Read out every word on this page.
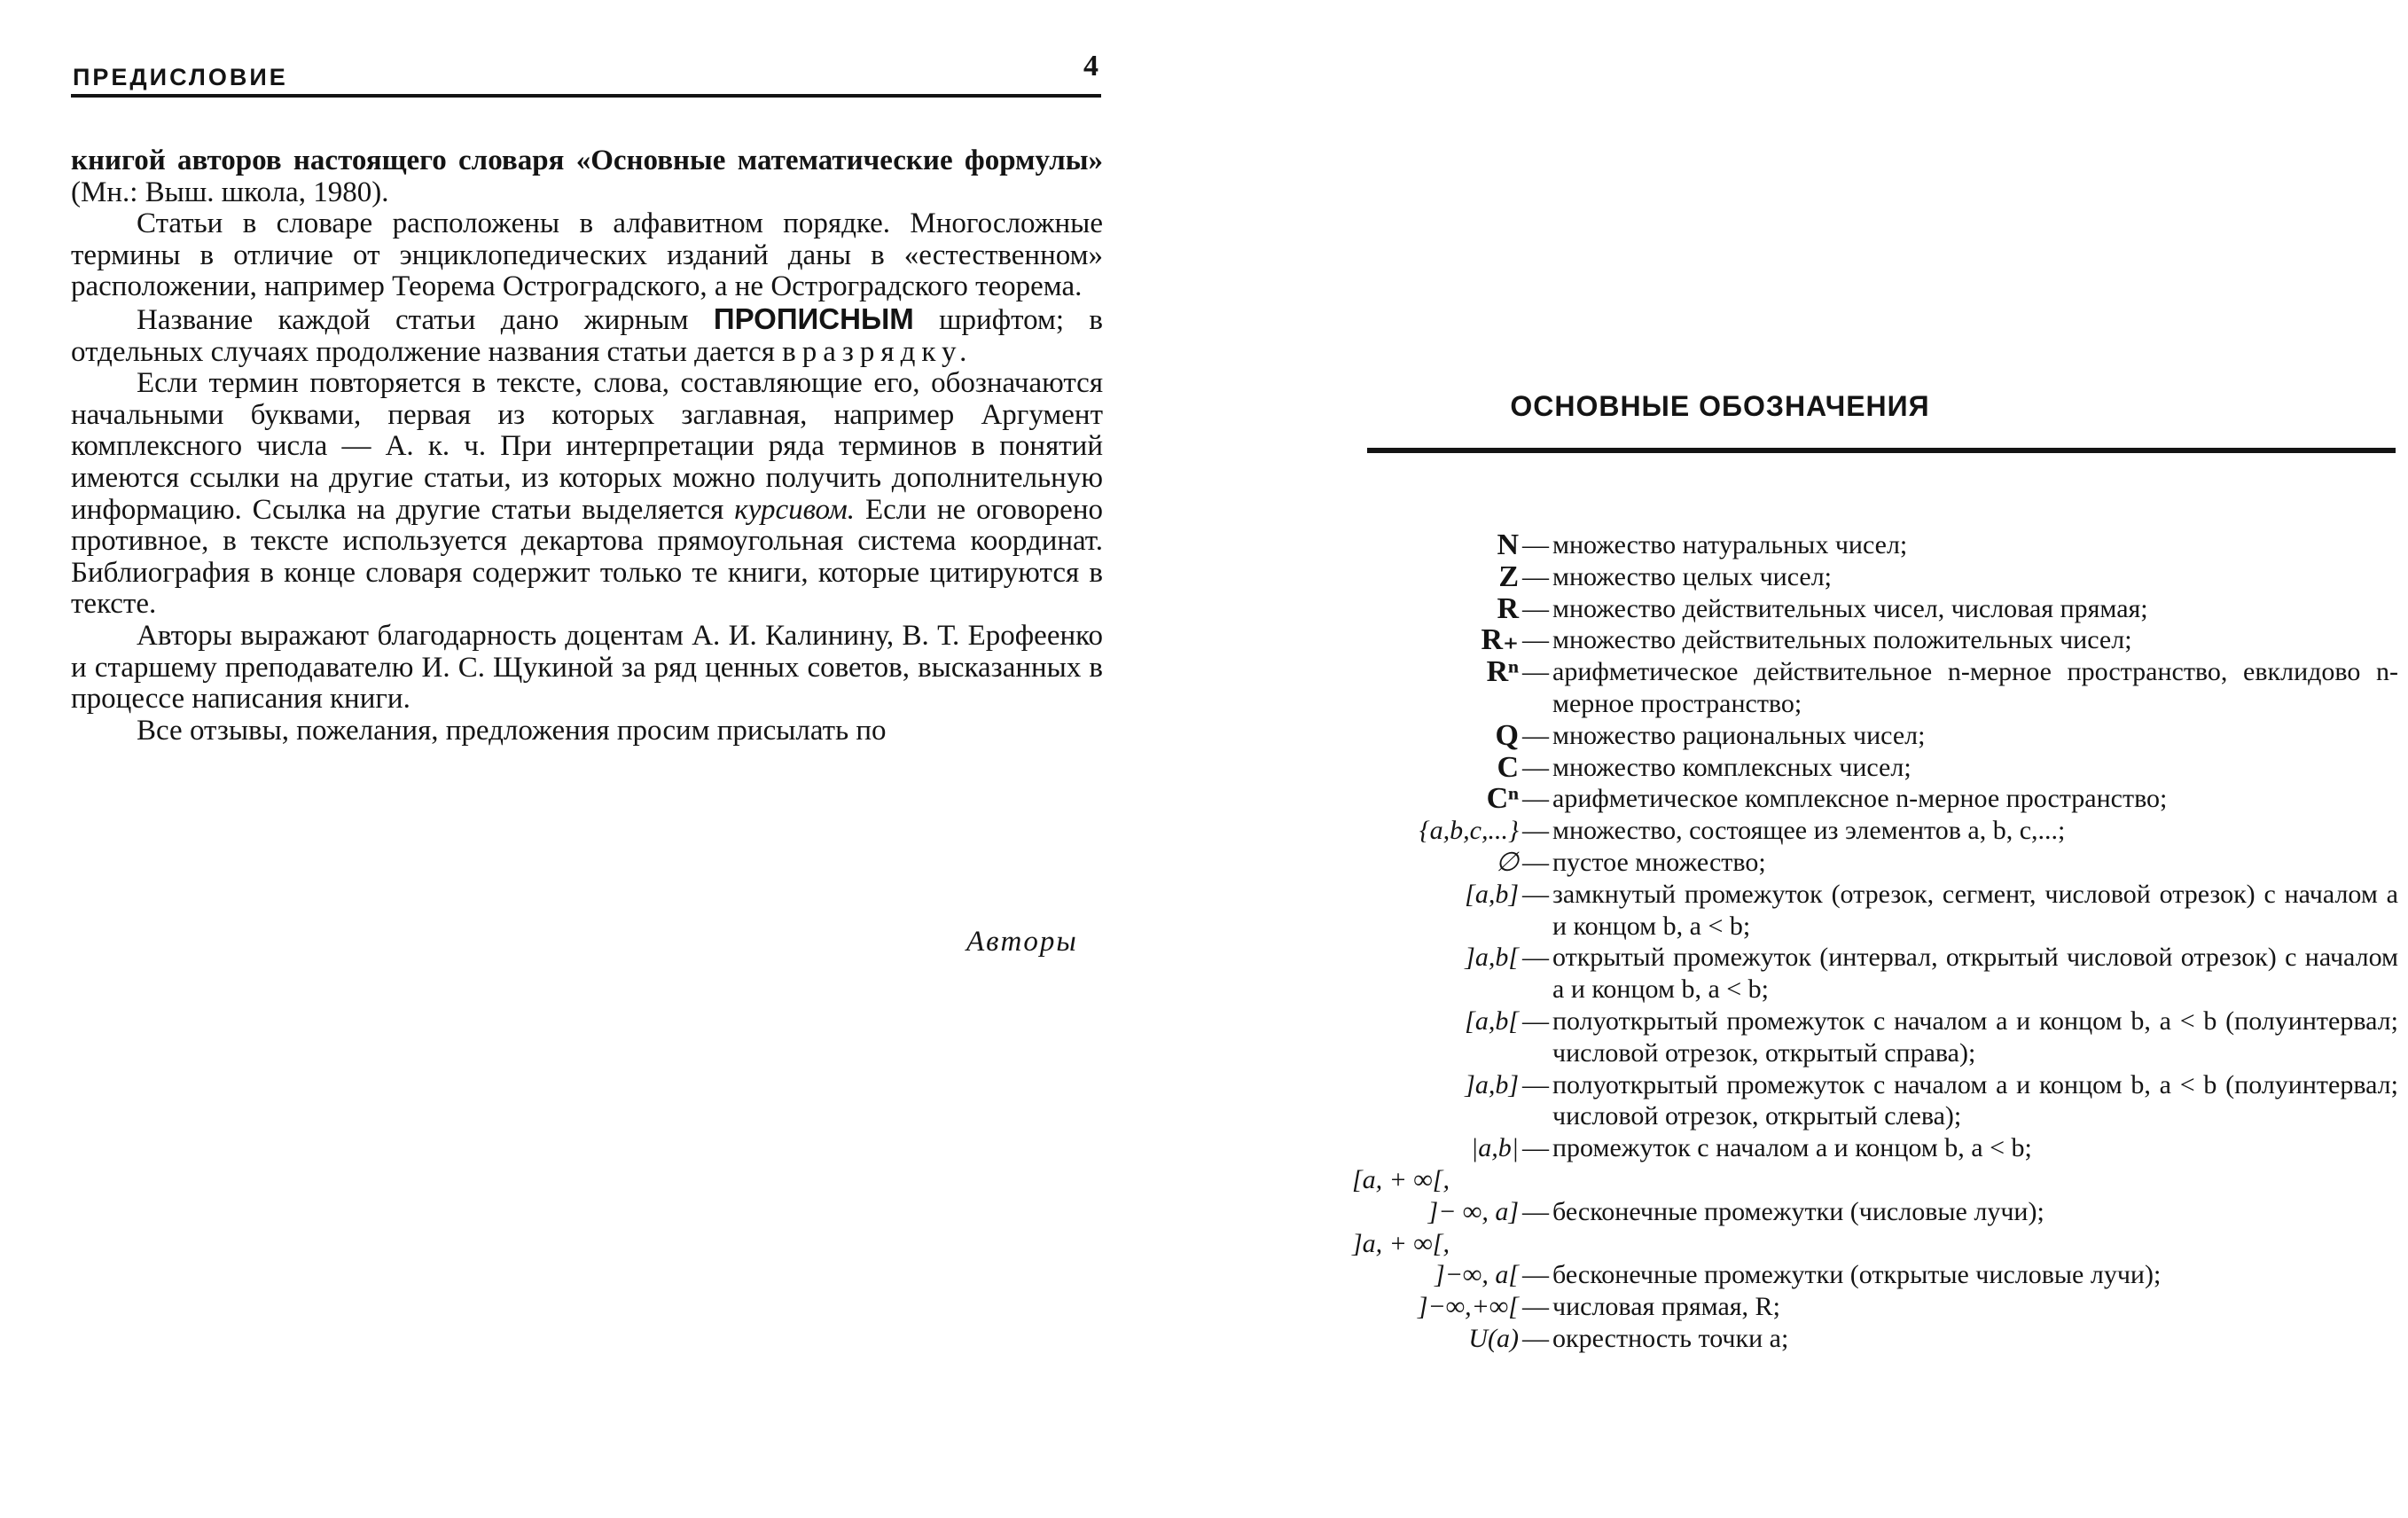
ПРЕДИСЛОВИЕ	4

книгой авторов настоящего словаря «Основные математические формулы» (Мн.: Выш. школа, 1980).

Статьи в словаре расположены в алфавитном порядке. Многосложные термины в отличие от энциклопедических изданий даны в «естественном» расположении, например Теорема Остроградского, а не Остроградского теорема.

Название каждой статьи дано жирным ПРОПИСНЫМ шрифтом; в отдельных случаях продолжение названия статьи дается вразрядку.

Если термин повторяется в тексте, слова, составляющие его, обозначаются начальными буквами, первая из которых заглавная, например Аргумент комплексного числа — А. к. ч. При интерпретации ряда терминов в понятий имеются ссылки на другие статьи, из которых можно получить дополнительную информацию. Ссылка на другие статьи выделяется курсивом. Если не оговорено противное, в тексте используется декартова прямоугольная система координат. Библиография в конце словаря содержит только те книги, которые цитируются в тексте.

Авторы выражают благодарность доцентам А. И. Калинину, В. Т. Ерофеенко и старшему преподавателю И. С. Щукиной за ряд ценных советов, высказанных в процессе написания книги.

Все отзывы, пожелания, предложения просим присылать по

Авторы
ОСНОВНЫЕ ОБОЗНАЧЕНИЯ
N — множество натуральных чисел;
Z — множество целых чисел;
R — множество действительных чисел, числовая прямая;
R₊ — множество действительных положительных чисел;
Rⁿ — арифметическое действительное n-мерное пространство, евклидово n-мерное пространство;
Q — множество рациональных чисел;
C — множество комплексных чисел;
Cⁿ — арифметическое комплексное n-мерное пространство;
{a,b,c,...} — множество, состоящее из элементов a, b, c,...;
∅ — пустое множество;
[a,b] — замкнутый промежуток (отрезок, сегмент, числовой отрезок) с началом a и концом b, a < b;
]a,b[ — открытый промежуток (интервал, открытый числовой отрезок) с началом a и концом b, a < b;
[a,b[ — полуоткрытый промежуток с началом a и концом b, a < b (полуинтервал; числовой отрезок, открытый справа);
]a,b] — полуоткрытый промежуток с началом a и концом b, a < b (полуинтервал; числовой отрезок, открытый слева);
|a,b| — промежуток с началом a и концом b, a < b;
[a, + ∞[,
]− ∞, a] — бесконечные промежутки (числовые лучи);
]a, + ∞[,
]−∞, a[ — бесконечные промежутки (открытые числовые лучи);
]−∞,+∞[ — числовая прямая, R;
U(a) — окрестность точки a;
